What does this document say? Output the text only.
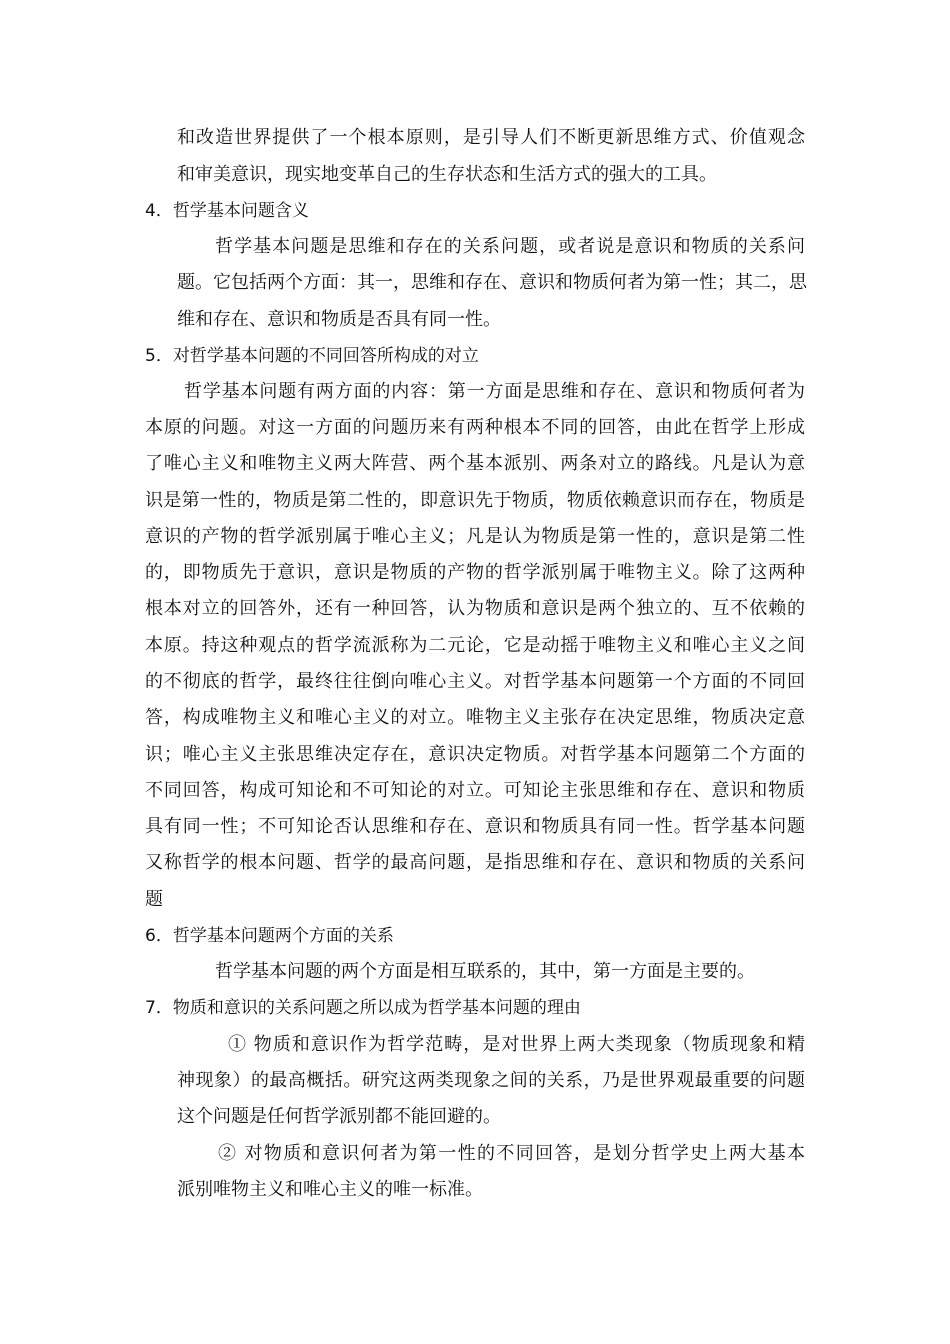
和改造世界提供了一个根本原则，是引导人们不断更新思维方式、价值观念
和审美意识，现实地变革自己的生存状态和生活方式的强大的工具。
4．哲学基本问题含义
哲学基本问题是思维和存在的关系问题，或者说是意识和物质的关系问
题。它包括两个方面：其一，思维和存在、意识和物质何者为第一性；其二，思
维和存在、意识和物质是否具有同一性。
5．对哲学基本问题的不同回答所构成的对立
哲学基本问题有两方面的内容：第一方面是思维和存在、意识和物质何者为
本原的问题。对这一方面的问题历来有两种根本不同的回答，由此在哲学上形成
了唯心主义和唯物主义两大阵营、两个基本派别、两条对立的路线。凡是认为意
识是第一性的，物质是第二性的，即意识先于物质，物质依赖意识而存在，物质是
意识的产物的哲学派别属于唯心主义；凡是认为物质是第一性的，意识是第二性
的，即物质先于意识，意识是物质的产物的哲学派别属于唯物主义。除了这两种
根本对立的回答外，还有一种回答，认为物质和意识是两个独立的、互不依赖的
本原。持这种观点的哲学流派称为二元论，它是动摇于唯物主义和唯心主义之间
的不彻底的哲学，最终往往倒向唯心主义。对哲学基本问题第一个方面的不同回
答，构成唯物主义和唯心主义的对立。唯物主义主张存在决定思维，物质决定意
识；唯心主义主张思维决定存在，意识决定物质。对哲学基本问题第二个方面的
不同回答，构成可知论和不可知论的对立。可知论主张思维和存在、意识和物质
具有同一性；不可知论否认思维和存在、意识和物质具有同一性。哲学基本问题
又称哲学的根本问题、哲学的最高问题，是指思维和存在、意识和物质的关系问
题
6．哲学基本问题两个方面的关系
哲学基本问题的两个方面是相互联系的，其中，第一方面是主要的。
7．物质和意识的关系问题之所以成为哲学基本问题的理由
① 物质和意识作为哲学范畴，是对世界上两大类现象（物质现象和精
神现象）的最高概括。研究这两类现象之间的关系，乃是世界观最重要的问题
这个问题是任何哲学派别都不能回避的。
② 对物质和意识何者为第一性的不同回答，是划分哲学史上两大基本
派别唯物主义和唯心主义的唯一标准。
